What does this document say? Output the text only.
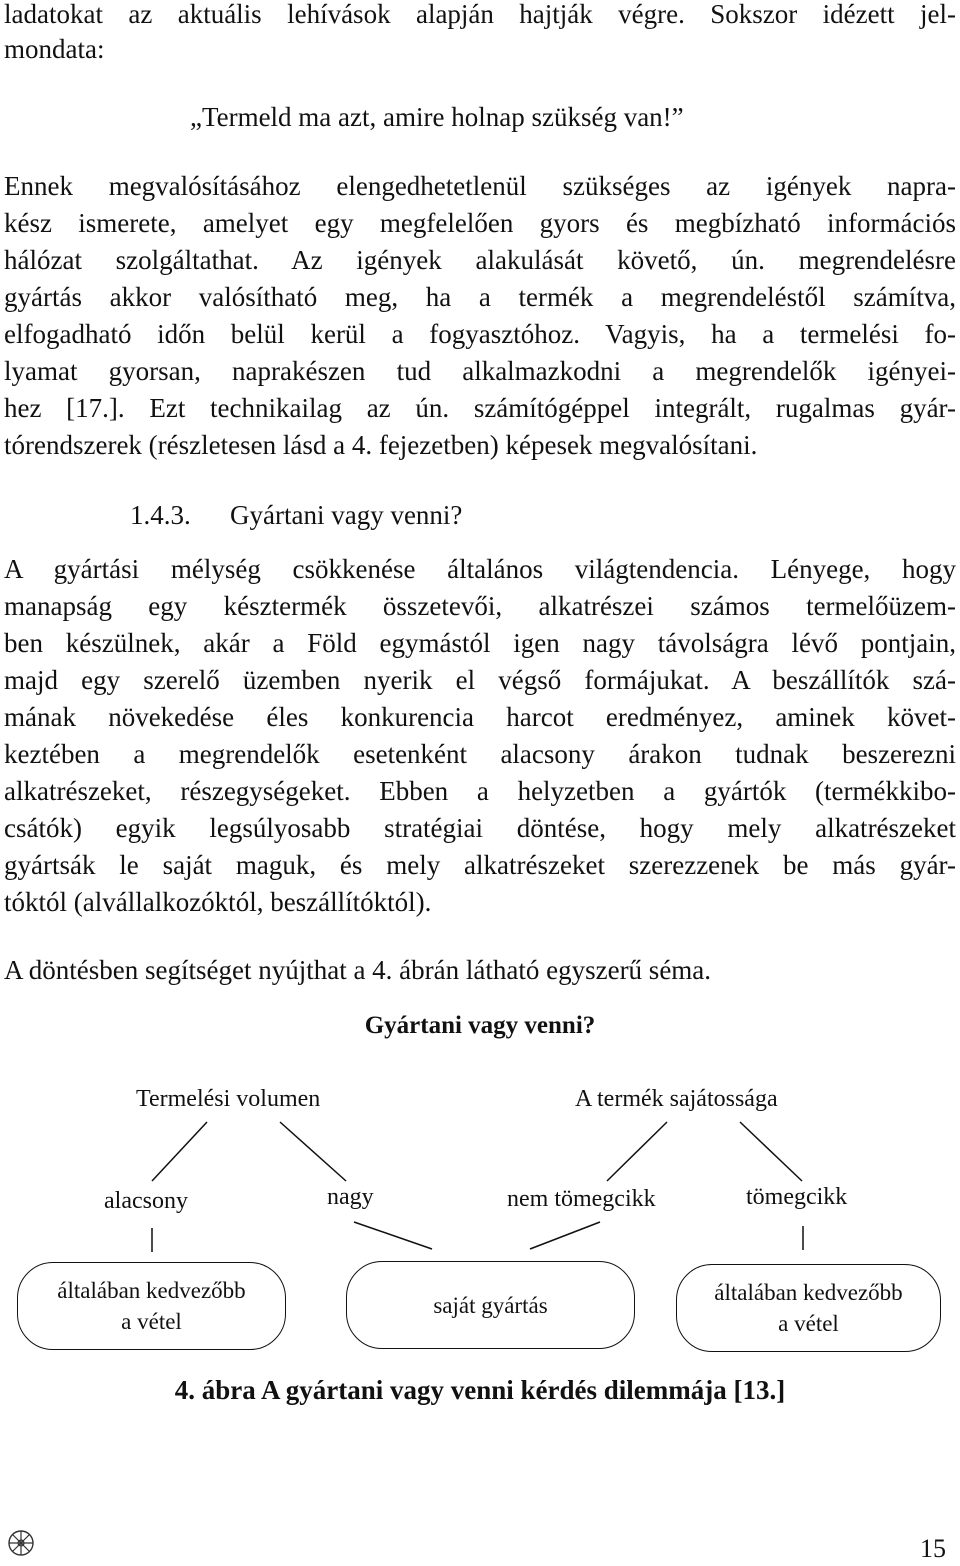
ladatokat az aktuális lehívások alapján hajtják végre. Sokszor idézett jel-
mondata:
„Termeld ma azt, amire holnap szükség van!”
Ennek megvalósításához elengedhetetlenül szükséges az igények napra-
kész ismerete, amelyet egy megfelelően gyors és megbízható információs
hálózat szolgáltathat. Az igények alakulását követő, ún. megrendelésre
gyártás akkor valósítható meg, ha a termék a megrendeléstől számítva,
elfogadható időn belül kerül a fogyasztóhoz. Vagyis, ha a termelési fo-
lyamat gyorsan, naprakészen tud alkalmazkodni a megrendelők igényei-
hez [17.]. Ezt technikailag az ún. számítógéppel integrált, rugalmas gyár-
tórendszerek (részletesen lásd a 4. fejezetben) képesek megvalósítani.
1.4.3. Gyártani vagy venni?
A gyártási mélység csökkenése általános világtendencia. Lényege, hogy
manapság egy késztermék összetevői, alkatrészei számos termelőüzem-
ben készülnek, akár a Föld egymástól igen nagy távolságra lévő pontjain,
majd egy szerelő üzemben nyerik el végső formájukat. A beszállítók szá-
mának növekedése éles konkurencia harcot eredményez, aminek követ-
keztében a megrendelők esetenként alacsony árakon tudnak beszerezni
alkatrészeket, részegységeket. Ebben a helyzetben a gyártók (termékkibo-
csátók) egyik legsúlyosabb stratégiai döntése, hogy mely alkatrészeket
gyártsák le saját maguk, és mely alkatrészeket szerezzenek be más gyár-
tóktól (alvállalkozóktól, beszállítóktól).
A döntésben segítséget nyújthat a 4. ábrán látható egyszerű séma.
Gyártani vagy venni?
Termelési volumen	A termék sajátossága
alacsony	nagy	nem tömegcikk	tömegcikk
általában kedvezőbb
a vétel
saját gyártás	általában kedvezőbb
a vétel
4. ábra A gyártani vagy venni kérdés dilemmája [13.]
15
